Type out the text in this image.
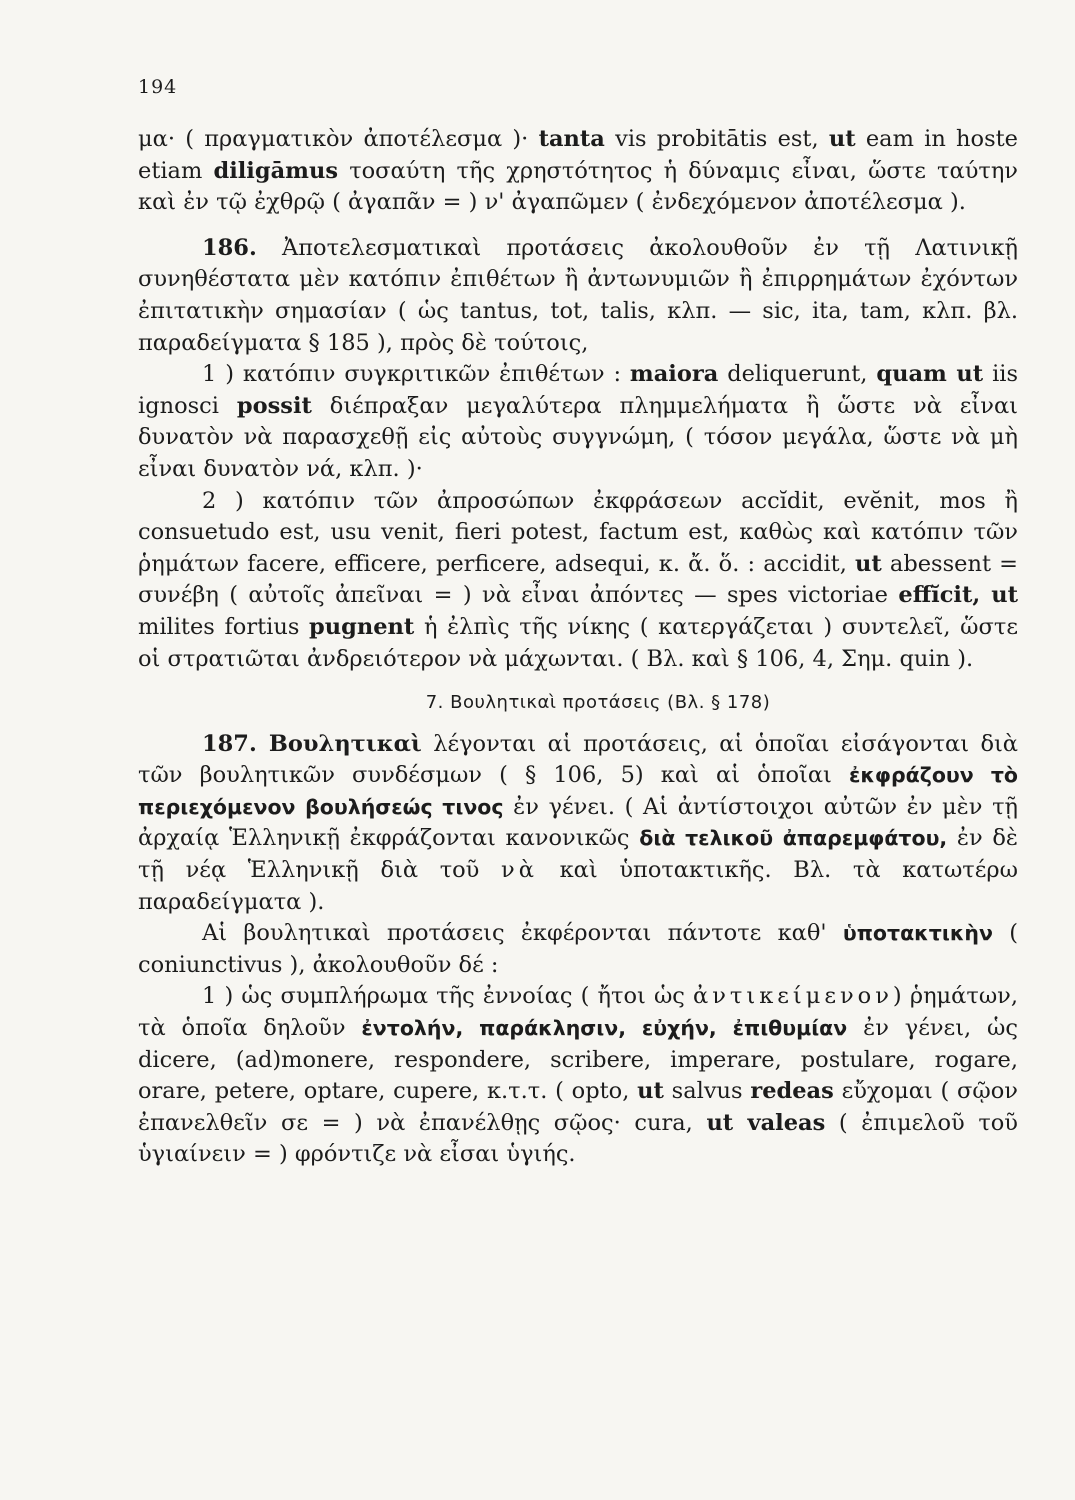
194

μα· ( πραγματικὸν ἀποτέλεσμα )· tanta vis probitātis est, ut eam in hoste etiam diligāmus τοσαύτη τῆς χρηστότητος ἡ δύναμις εἶναι, ὥστε ταύτην καὶ ἐν τῷ ἐχθρῷ ( ἀγαπᾶν = ) ν' ἀγαπῶμεν ( ἐνδεχόμενον ἀποτέλεσμα ).

186. Ἀποτελεσματικαὶ προτάσεις ἀκολουθοῦν ἐν τῇ Λατινικῇ συνηθέστατα μὲν κατόπιν ἐπιθέτων ἢ ἀντωνυμιῶν ἢ ἐπιρρημάτων ἐχόντων ἐπιτατικὴν σημασίαν ( ὡς tantus, tot, talis, κλπ. — sic, ita, tam, κλπ. βλ. παραδείγματα § 185 ), πρὸς δὲ τούτοις,

1 ) κατόπιν συγκριτικῶν ἐπιθέτων : maiora deliquerunt, quam ut iis ignosci possit διέπραξαν μεγαλύτερα πλημμελήματα ἢ ὥστε νὰ εἶναι δυνατὸν νὰ παρασχεθῇ εἰς αὐτοὺς συγγνώμη, ( τόσον μεγάλα, ὥστε νὰ μὴ εἶναι δυνατὸν νά, κλπ. )·

2 ) κατόπιν τῶν ἀπροσώπων ἐκφράσεων accĭdit, evĕnit, mos ἢ consuetudo est, usu venit, fieri potest, factum est, καθὼς καὶ κατόπιν τῶν ῥημάτων facere, efficere, perficere, adsequi, κ. ἄ. ὅ. : accidit, ut abessent = συνέβη ( αὐτοῖς ἀπεῖναι = ) νὰ εἶναι ἀπόντες — spes victoriae effĭcit, ut milites fortius pugnent ἡ ἐλπὶς τῆς νίκης ( κατεργάζεται ) συντελεῖ, ὥστε οἱ στρατιῶται ἀνδρειότερον νὰ μάχωνται. ( Βλ. καὶ § 106, 4, Σημ. quin ).

7. Βουλητικαὶ προτάσεις (Βλ. § 178)

187. Βουλητικαὶ λέγονται αἱ προτάσεις, αἱ ὁποῖαι εἰσάγονται διὰ τῶν βουλητικῶν συνδέσμων ( § 106, 5) καὶ αἱ ὁποῖαι ἐκφράζουν τὸ περιεχόμενον βουλήσεώς τινος ἐν γένει. ( Αἱ ἀντίστοιχοι αὐτῶν ἐν μὲν τῇ ἀρχαίᾳ Ἑλληνικῇ ἐκφράζονται κανονικῶς διὰ τελικοῦ ἀπαρεμφάτου, ἐν δὲ τῇ νέᾳ Ἑλληνικῇ διὰ τοῦ νὰ καὶ ὑποτακτικῆς. Βλ. τὰ κατωτέρω παραδείγματα ).

Αἱ βουλητικαὶ προτάσεις ἐκφέρονται πάντοτε καθ' ὑποτακτικὴν ( coniunctivus ), ἀκολουθοῦν δέ :

1 ) ὡς συμπλήρωμα τῆς ἐννοίας ( ἤτοι ὡς ἀντικείμενον) ῥημάτων, τὰ ὁποῖα δηλοῦν ἐντολήν, παράκλησιν, εὐχήν, ἐπιθυμίαν ἐν γένει, ὡς dicere, (ad)monere, respondere, scribere, imperare, postulare, rogare, orare, petere, optare, cupere, κ.τ.τ. ( opto, ut salvus redeas εὔχομαι ( σῷον ἐπανελθεῖν σε = ) νὰ ἐπανέλθῃς σῷος· cura, ut valeas ( ἐπιμελοῦ τοῦ ὑγιαίνειν = ) φρόντιζε νὰ εἶσαι ὑγιής.
